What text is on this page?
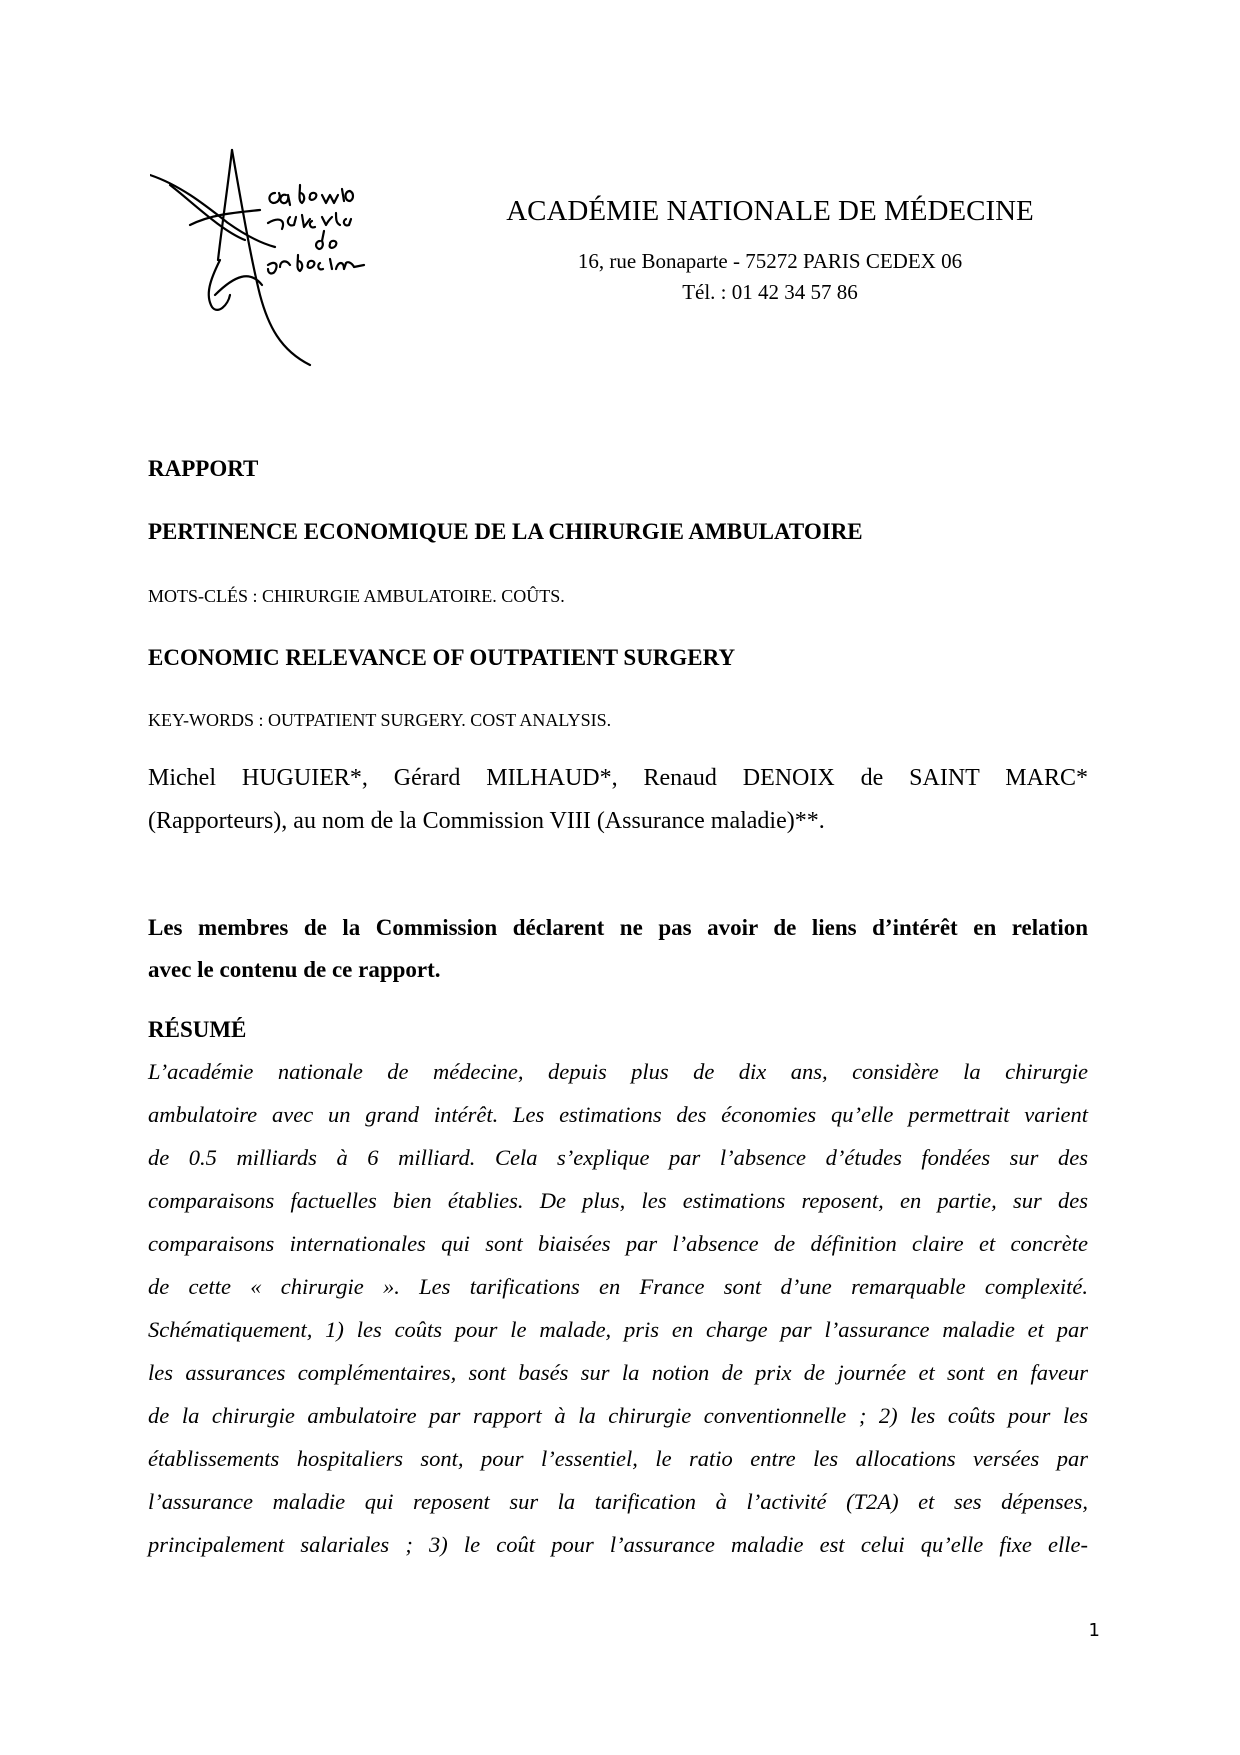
ACADÉMIE NATIONALE DE MÉDECINE
16, rue Bonaparte - 75272 PARIS CEDEX 06
Tél. : 01 42 34 57 86
RAPPORT
PERTINENCE ECONOMIQUE DE LA CHIRURGIE AMBULATOIRE
MOTS-CLÉS : CHIRURGIE AMBULATOIRE. COÛTS.
ECONOMIC RELEVANCE OF OUTPATIENT SURGERY
KEY-WORDS : OUTPATIENT SURGERY. COST ANALYSIS.
Michel HUGUIER*, Gérard MILHAUD*, Renaud DENOIX de SAINT MARC*
(Rapporteurs), au nom de la Commission VIII (Assurance maladie)**.
Les membres de la Commission déclarent ne pas avoir de liens d’intérêt en relation
avec le contenu de ce rapport.
RÉSUMÉ
L’académie nationale de médecine, depuis plus de dix ans, considère la chirurgie
ambulatoire avec un grand intérêt. Les estimations des économies qu’elle permettrait varient
de 0.5 milliards à 6 milliard. Cela s’explique par l’absence d’études fondées sur des
comparaisons factuelles bien établies. De plus, les estimations reposent, en partie, sur des
comparaisons internationales qui sont biaisées par l’absence de définition claire et concrète
de cette « chirurgie ». Les tarifications en France sont d’une remarquable complexité.
Schématiquement, 1) les coûts pour le malade, pris en charge par l’assurance maladie et par
les assurances complémentaires, sont basés sur la notion de prix de journée et sont en faveur
de la chirurgie ambulatoire par rapport à la chirurgie conventionnelle ; 2) les coûts pour les
établissements hospitaliers sont, pour l’essentiel, le ratio entre les allocations versées par
l’assurance maladie qui reposent sur la tarification à l’activité (T2A) et ses dépenses,
principalement salariales ; 3) le coût pour l’assurance maladie est celui qu’elle fixe elle-
1
